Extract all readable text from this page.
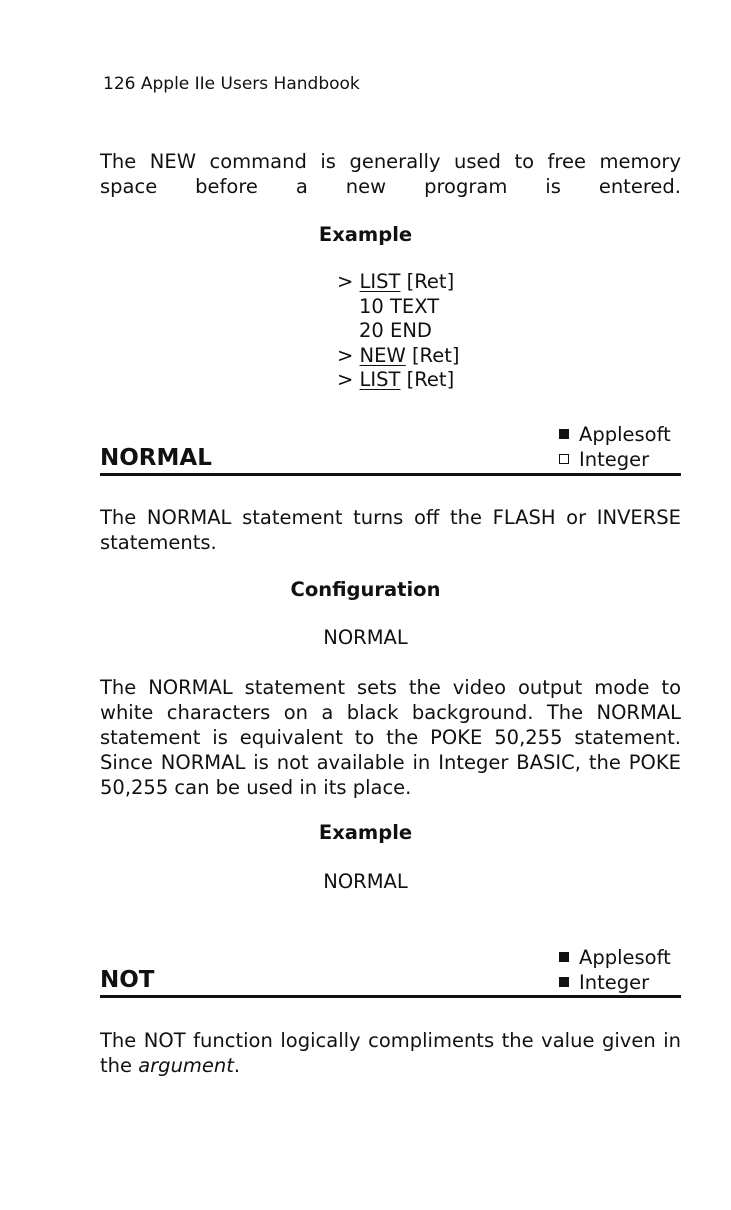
126 Apple IIe Users Handbook
The NEW command is generally used to free memory space before a new program is entered.
Example
> LIST [Ret]
10 TEXT
20 END
> NEW [Ret]
> LIST [Ret]
Applesoft
Integer
NORMAL
The NORMAL statement turns off the FLASH or INVERSE statements.
Configuration
NORMAL
The NORMAL statement sets the video output mode to white characters on a black background. The NORMAL statement is equivalent to the POKE 50,255 statement. Since NORMAL is not available in Integer BASIC, the POKE 50,255 can be used in its place.
Example
NORMAL
Applesoft
Integer
NOT
The NOT function logically compliments the value given in the argument.
